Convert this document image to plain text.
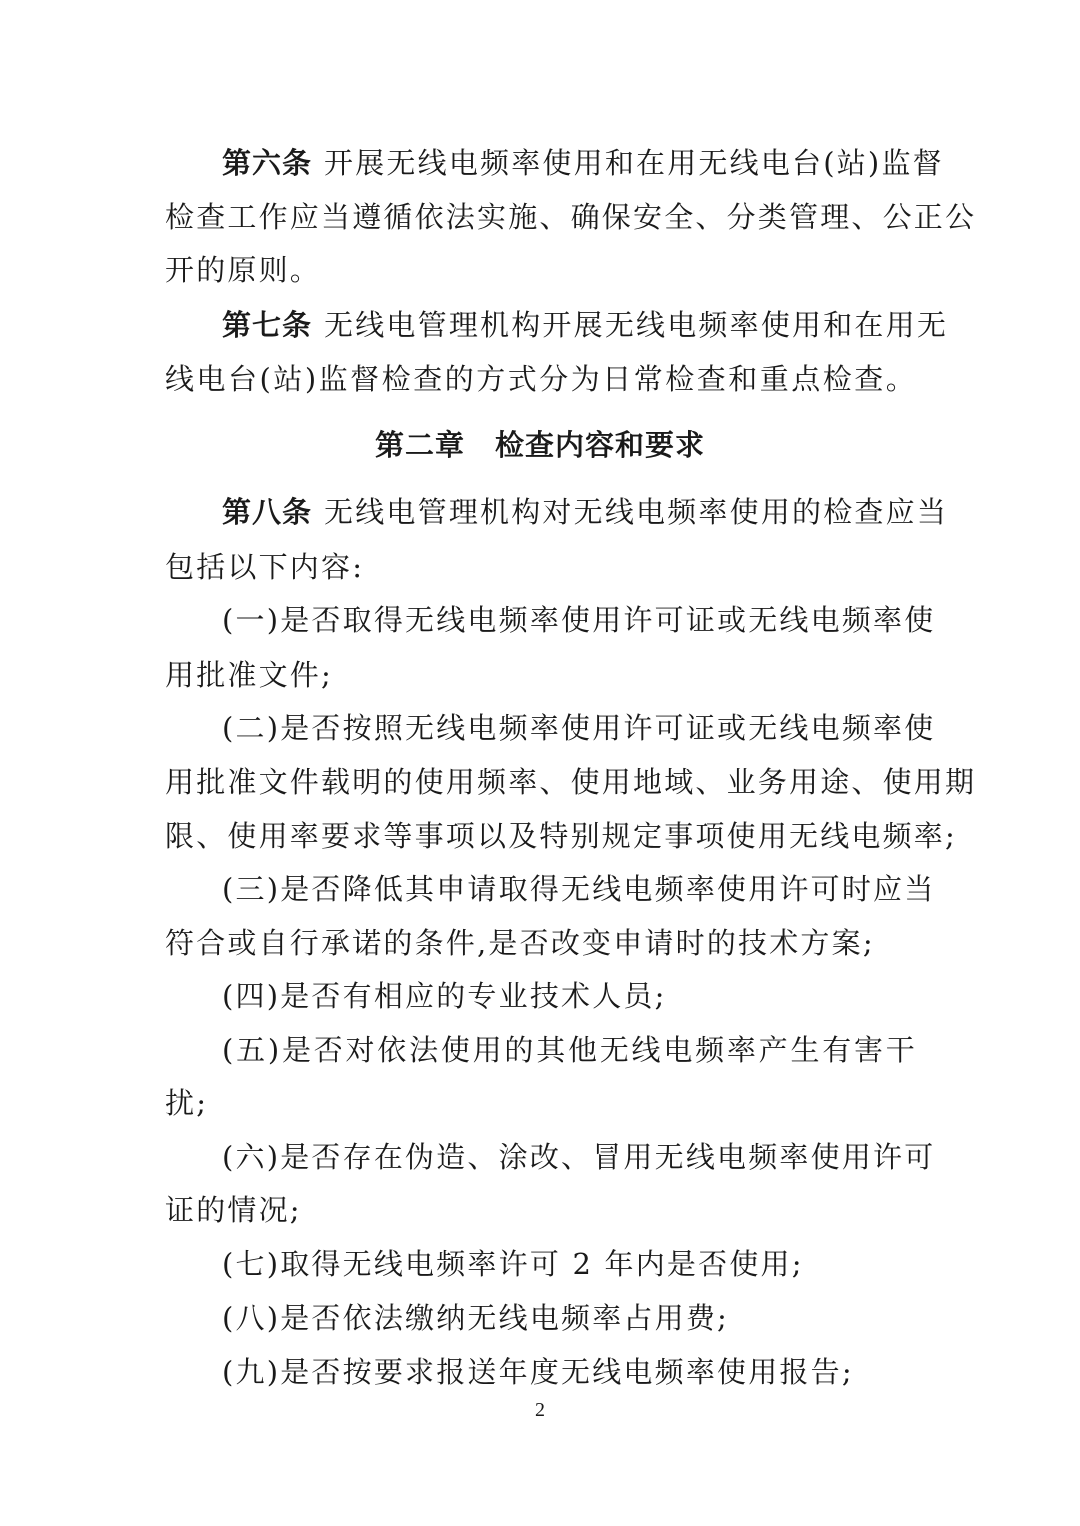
第六条 开展无线电频率使用和在用无线电台(站)监督
检查工作应当遵循依法实施、确保安全、分类管理、公正公
开的原则。
第七条 无线电管理机构开展无线电频率使用和在用无
线电台(站)监督检查的方式分为日常检查和重点检查。
第二章 检查内容和要求
第八条 无线电管理机构对无线电频率使用的检查应当
包括以下内容:
(一)是否取得无线电频率使用许可证或无线电频率使
用批准文件;
(二)是否按照无线电频率使用许可证或无线电频率使
用批准文件载明的使用频率、使用地域、业务用途、使用期
限、使用率要求等事项以及特别规定事项使用无线电频率;
(三)是否降低其申请取得无线电频率使用许可时应当
符合或自行承诺的条件,是否改变申请时的技术方案;
(四)是否有相应的专业技术人员;
(五)是否对依法使用的其他无线电频率产生有害干
扰;
(六)是否存在伪造、涂改、冒用无线电频率使用许可
证的情况;
(七)取得无线电频率许可 2 年内是否使用;
(八)是否依法缴纳无线电频率占用费;
(九)是否按要求报送年度无线电频率使用报告;
2
